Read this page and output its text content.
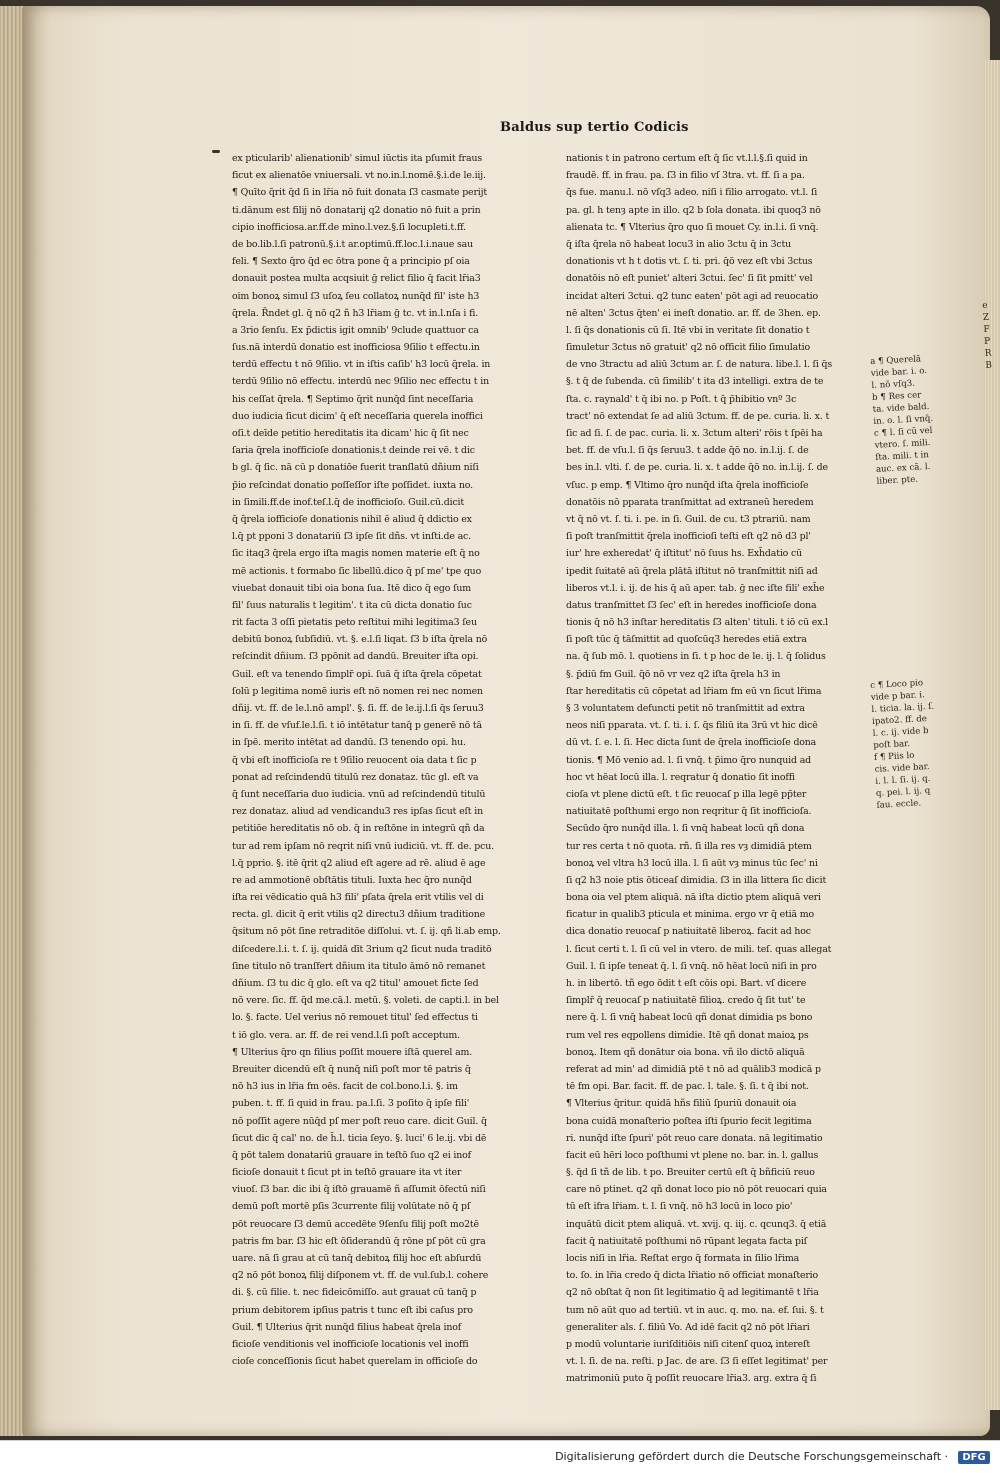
Baldus sup tertio Codicis
ex pticularib' alienationib' simul iūctis ita pſumit fraus
ficut ex alienatōe vniuersali. vt no.in.l.nomē.§.i.de le.iij.
¶ Quīto q̄rit q̄d ſi in lr̄ia nō fuit donata ſ3 casmate perijt
ti.dānum est filij nō donatarij q2 donatio nō fuit a prin
cipio inofficiosa.ar.ff.de mino.l.vez.§.ſi locupleti.t.ff.
de bo.lib.l.ſi patronū.§.i.t ar.optimū.ff.loc.l.i.naue sau
feli. ¶ Sexto q̄ro q̄d ec ōtra pone q̄ a principio pſ oia
donauit postea multa acqsiuit ḡ relict filio q̄ facit lr̄ia3
oim bonoꝝ simul ſ3 uſoꝝ ſeu collatoꝝ nunq̄d fil' iste h3
q̄rela. R̄ndet gl. q̄ nō q2 ñ h3 lr̄iam ḡ tc. vt in.l.nſa i fi.
a 3rio ſenſu. Ex p̄dictis igit omnib' 9clude quattuor ca
ſus.nā interdū donatio est inofficiosa 9ſilio t effectu.in
terdū effectu t nō 9ſilio. vt in iſtis caſib' h3 locū q̄rela. in
terdū 9ſilio nō effectu. interdū nec 9ſilio nec effectu t in
his ceſſat q̄rela. ¶ Septimo q̄rit nunq̄d ſint neceſſaria
duo iudicia ſicut dicim' q̄ eſt neceſſaria querela inoffici
oſi.t deīde petitio hereditatis ita dicam' hic q̄ ſit nec
ſaria q̄rela inofficioſe donationis.t deinde rei vē. t dic
b gl. q̄ ſic. nā cū p donatiōe fuerit tranſlatū dñium niſi
p̄io reſcindat donatio poſſeſſor iſte poſſidet. iuxta no.
in ſimili.ff.de inof.teſ.l.q̄ de inofficioſo. Guil.cū.dicit
q̄ q̄rela iofficioſe donationis nihil ē aliud q̄ ddictio ex
l.q̄ pt pponi 3 donatariū ſ3 ipſe ſit dñs. vt inſti.de ac.
ſic itaq3 q̄rela ergo iſta magis nomen materie eſt q̄ no
mē actionis. t formabo ſic libellū.dico q̄ pſ me' tpe quo
viuebat donauit tibi oia bona ſua. Itē dico q̄ ego ſum
fil' ſuus naturalis t legitim'. t ita cū dicta donatio ſuc
rit facta 3 oſſi pietatis peto reſtitui mihi legitima3 ſeu
debitū bonoꝝ ſubſidiū. vt. §. e.l.ſi liqat. ſ3 b iſta q̄rela nō
reſcindit dñium. ſ3 ppōnit ad dandū. Breuiter iſta opi.
Guil. eſt va tenendo ſimplr̄ opi. ſuā q̄ iſta q̄rela cōpetat
ſolū p legitima nomē iuris eſt nō nomen rei nec nomen
dñij. vt. ff. de le.l.nō ampl'. §. ſi. ff. de le.ij.l.ſi q̄s ſeruu3
in ſi. ff. de vſuf.le.l.ſi. t iō intētatur tanq̄ p generē nō tā
in ſpē. merito intētat ad dandū. ſ3 tenendo opi. hu.
q̄ vbi eſt inofficioſa re t 9ſilio reuocent oia data t ſic p
ponat ad reſcindendū titulū rez donataz. tūc gl. eſt va
q̄ ſunt neceſſaria duo iudicia. vnū ad reſcindendū titulū
rez donataz. aliud ad vendicandu3 res ipſas ſicut eſt in
petitiōe hereditatis nō ob. q̄ in reſtōne in integrū qñ da
tur ad rem ipſam nō reqrit niſi vnū iudiciū. vt. ff. de. pcu.
l.q̄ pprio. §. itē q̄rit q2 aliud eſt agere ad rē. aliud ē age
re ad ammotionē obſtātis tituli. Iuxta hec q̄ro nunq̄d
iſta rei vēdicatio quā h3 fili' pſata q̄rela erit vtilis vel di
recta. gl. dicit q̄ erit vtilis q2 directu3 dñium traditione
q̄situm nō pōt ſine retraditōe diſſolui. vt. ſ. ij. qñ li.ab emp.
diſcedere.l.i. t. ſ. ij. quidā dīt 3rium q2 ſicut nuda traditō
ſine titulo nō tranſfert dñium ita titulo āmō nō remanet
dñium. ſ3 tu dic q̄ glo. eſt va q2 titul' amouet ficte ſed
nō vere. ſic. ff. q̄d me.cā.l. metū. §. voleti. de capti.l. in bel
lo. §. facte. Uel verius nō remouet titul' ſed effectus ti
t iō glo. vera. ar. ff. de rei vend.l.ſi poſt acceptum.
¶ Ulterius q̄ro qn filius poſſit mouere iſtā querel am.
Breuiter dicendū eſt q̄ nunq̄ niſi poſt mor tē patris q̄
nō h3 ius in lr̄ia fm oēs. facit de col.bono.l.i. §. im
puben. t. ff. ſi quid in frau. pa.l.ſi. 3 poſito q̄ ipſe fili'
nō poſſit agere nūq̄d pſ mer poſt reuo care. dicit Guil. q̄
ſicut dic q̄ cal' no. de h̄.l. ticia ſeyo. §. luci' 6 le.ij. vbi dē
q̄ pōt talem donatariū grauare in teſtō ſuo q2 ei inof
ficioſe donauit t ſicut pt in teſtō grauare ita vt iter
viuoſ. ſ3 bar. dic ibi q̄ iſtō grauamē ñ aſſumit ōfectū niſi
demū poſt mortē pſis 3currente filij volūtate nō q̄ pſ
pōt reuocare ſ3 demū accedēte 9ſenſu filij poſt mo2tē
patris fm bar. ſ3 hic eſt ōſiderandū q̄ rōne pſ pōt cū gra
uare. nā ſi grau at cū tanq̄ debitoꝝ filij hoc eſt abſurdū
q2 nō pōt bonoꝝ filij diſponem vt. ff. de vul.ſub.l. cohere
di. §. cū filie. t. nec fideicōmiſſo. aut grauat cū tanq̄ p
prium debitorem ipſius patris t tunc eſt ibi caſus pro
Guil. ¶ Ulterius q̄rit nunq̄d filius habeat q̄rela inof
ficioſe venditionis vel inofficioſe locationis vel inoffi
cioſe conceſſionis ſicut habet querelam in officioſe do
nationis t in patrono certum eſt q̄ ſic vt.l.l.§.ſi quid in
fraudē. ff. in frau. pa. ſ3 in filio vſ 3tra. vt. ff. ſi a pa.
q̄s fue. manu.l. nō vſq3 adeo. niſi i filio arrogato. vt.l. ſi
pa. gl. h tenȝ apte in illo. q2 b ſola donata. ibi quoq3 nō
alienata tc. ¶ Vlterius q̄ro quo ſi mouet Cy. in.l.i. ſi vnq̄.
q̄ iſta q̄rela nō habeat locu3 in alio 3ctu q̄ in 3ctu
donationis vt h t dotis vt. ſ. ti. pri. q̄ō vez eſt vbi 3ctus
donatōis nō eſt puniet' alteri 3ctui. ſec' ſi ſit pmitt' vel
incidat alteri 3ctui. q2 tunc eaten' pōt agi ad reuocatio
nē alten' 3ctus q̄ten' ei ineſt donatio. ar. ff. de 3hen. ep.
l. ſi q̄s donationis cū ſi. Itē vbi in veritate ſit donatio t
ſimuletur 3ctus nō gratuit' q2 nō officit filio ſimulatio
de vno 3tractu ad aliū 3ctum ar. ſ. de natura. libe.l. l. ſi q̄s
§. t q̄ de ſubenda. cū ſimilib' t ita d3 intelligi. extra de te
ſta. c. raynald' t q̄ ibi no. p Poſt. t q̄ p̄hibitio vnº 3c
tract' nō extendat ſe ad aliū 3ctum. ff. de pe. curia. li. x. t
ſic ad ſi. ſ. de pac. curia. li. x. 3ctum alteri' rōis t ſpēi ha
bet. ff. de vſu.l. ſi q̄s ſeruu3. t adde q̄ō no. in.l.ij. ſ. de
bes in.l. vlti. ſ. de pe. curia. li. x. t adde q̄ō no. in.l.ij. ſ. de
vſuc. p emp. ¶ Vltimo q̄ro nunq̄d iſta q̄rela inofficioſe
donatōis nō pparata tranſmittat ad extraneū heredem
vt q̄ nō vt. ſ. ti. i. pe. in ſi. Guil. de cu. t3 ptrariū. nam
ſi poſt tranſmittit q̄rela inofficioſi teſti eſt q2 nō d3 pl'
iur' hre exheredat' q̄ iſtitut' nō ſuus hs. Exh̄datio cū
ipedit ſuitatē aū q̄rela plātā iſtitut nō tranſmittit niſi ad
liberos vt.l. i. ij. de his q̄ aū aper. tab. ḡ nec iſte fili' exh̄e
datus tranſmittet ſ3 ſec' eſt in heredes inofficioſe dona
tionis q̄ nō h3 inſtar hereditatis ſ3 alten' tituli. t iō cū ex.l
ſi poſt tūc q̄ tāſmittit ad quoſcūq3 heredes etiā extra
na. q̄ ſub mō. l. quotiens in ſi. t p hoc de le. ij. l. q̄ ſolidus
§. p̄diū fm Guil. q̄ō nō vr vez q2 iſta q̄rela h3 in
ſtar hereditatis cū cōpetat ad lr̄iam fm eū vn ſicut lr̄ima
§ 3 voluntatem defuncti petit nō tranſmittit ad extra
neos niſi pparata. vt. ſ. ti. i. ſ. q̄s filiū ita 3rū vt hic dicē
dū vt. ſ. e. l. ſi. Hec dicta ſunt de q̄rela inofficioſe dona
tionis. ¶ Mō venio ad. l. ſi vnq̄. t p̄imo q̄ro nunquid ad
hoc vt hēat locū illa. l. reqratur q̄ donatio ſit inoffi
cioſa vt plene dictū eſt. t ſic reuocaſ p illa legē pp̄ter
natiuitatē poſthumi ergo non reqritur q̄ ſit inofficioſa.
Secūdo q̄ro nunq̄d illa. l. ſi vnq̄ habeat locū qñ dona
tur res certa t nō quota. rñ. ſi illa res vȝ dimidiā ptem
bonoꝝ vel vltra h3 locū illa. l. ſi aūt vȝ minus tūc ſec' ni
ſi q2 h3 noie ptis ōticeaſ dimidia. ſ3 in illa littera ſic dicit
bona oia vel ptem aliquā. nā iſta dictio ptem aliquā veri
ficatur in qualib3 pticula et minima. ergo vr q̄ etiā mo
dica donatio reuocaſ p natiuitatē liberoꝝ. facit ad hoc
l. ſicut certi t. l. ſi cū vel in vtero. de mili. teſ. quas allegat
Guil. l. ſi ipſe teneat q̄. l. ſi vnq̄. nō hēat locū niſi in pro
h. in libertō. tñ ego ōdit t eſt cōis opi. Bart. vſ dicere
ſimplr̄ q̄ reuocaſ p natiuitatē filioꝝ. credo q̄ ſit tut' te
nere q̄. l. ſi vnq̄ habeat locū qñ donat dimidia ps bono
rum vel res eqpollens dimidie. Itē qñ donat maioꝝ ps
bonoꝝ. Item qñ donātur oia bona. vñ ilo dictō aliquā
referat ad min' ad dimidiā ptē t nō ad quālib3 modicā p
tē fm opi. Bar. facit. ff. de pac. l. tale. §. ſi. t q̄ ibi not.
¶ Vlterius q̄ritur. quidā hñs filiū ſpuriū donauit oia
bona cuidā monaſterio poſtea iſti ſpurio fecit legitima
ri. nunq̄d iſte ſpuri' pōt reuo care donata. nā legitimatio
facit eū hēri loco poſthumi vt plene no. bar. in. l. gallus
§. q̄d ſi tñ de lib. t po. Breuiter certū eſt q̄ bñficiū reuo
care nō ptinet. q2 qñ donat loco pio nō pōt reuocari quia
tū eſt ifra lr̄iam. t. l. ſi vnq̄. nō h3 locū in loco pio'
inquātū dicit ptem aliquā. vt. xvij. q. iij. c. qcunq3. q̄ etiā
facit q̄ natiuitatē poſthumi nō rūpant legata facta piſ
locis niſi in lr̄ia. Reſtat ergo q̄ formata in ſilio lr̄ima
to. ſo. in lr̄ia credo q̄ dicta lr̄iatio nō officiat monaſterio
q2 nō obſtat q̄ non ſit legitimatio q̄ ad legitimantē t lr̄ia
tum nō aūt quo ad tertiū. vt in auc. q. mo. na. ef. ſui. §. t
generaliter als. ſ. filiū Vo. Ad idē facit q2 nō pōt lr̄iari
p modū voluntarie iuriſditiōis niſi citenſ quoꝝ intereſt
vt. l. ſi. de na. reſti. p Jac. de are. ſ3 ſi eſſet legitimat' per
matrimoniū puto q̄ poſſit reuocare lr̄ia3. arg. extra q̄ ſi
a ¶ Querelā
vide bar. i. o.
l. nō vſq3.
b ¶ Res cer
ta. vide bald.
in. o. l. ſi vnq̄.
c ¶ l. ſi cū vel
vtero. ſ. mili.
ſta. mili. t in
auc. ex cā. l.
liber. pte.
c ¶ Loco pio
vide p bar. i.
l. ticia. la. ij. ſ.
ipato2. ff. de
l. c. ij. vide b
poſt bar.
f ¶ Piis lo
cis. vide bar.
i. l. l. ſi. ij. q.
q. pei. l. ij. q
ſau. eccle.
e
Z
F
P
R
B
Digitalisierung gefördert durch die Deutsche Forschungsgemeinschaft ·	DFG
